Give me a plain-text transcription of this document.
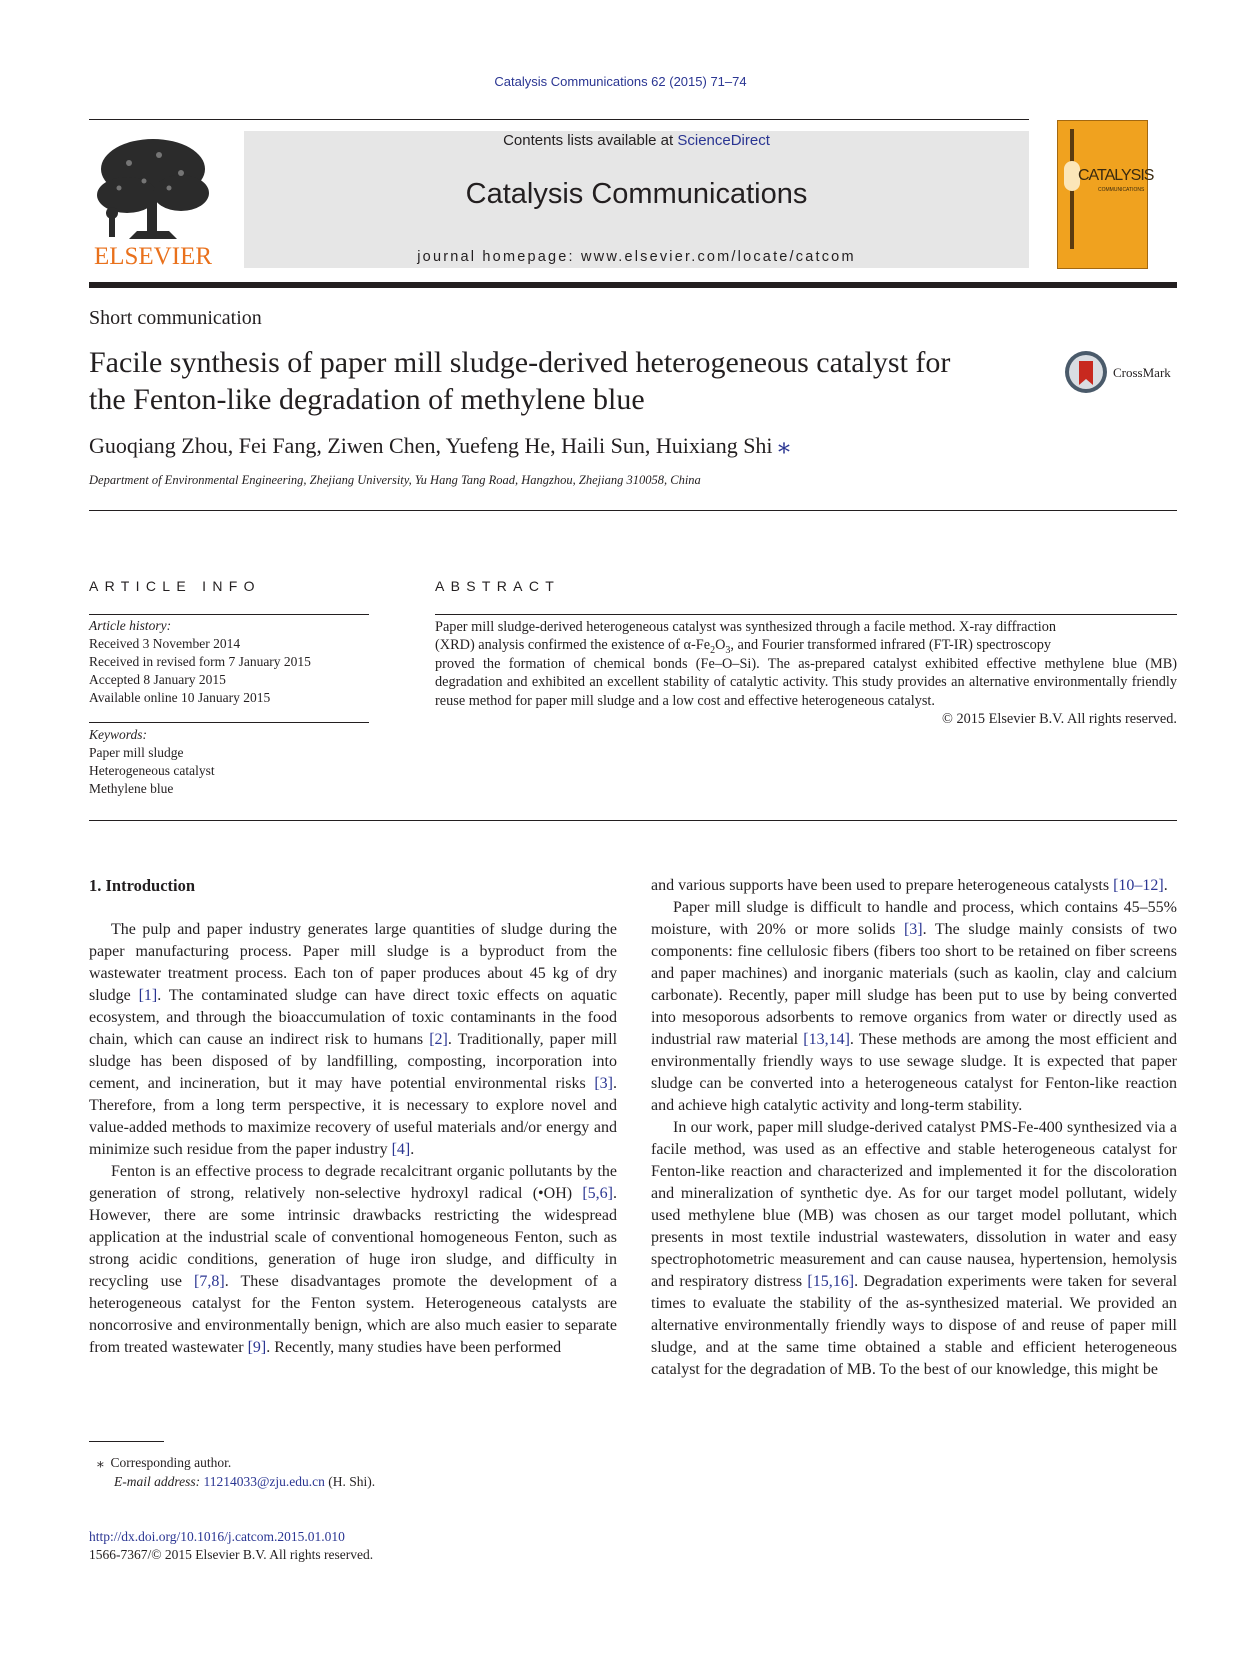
Catalysis Communications 62 (2015) 71–74
ELSEVIER
Contents lists available at ScienceDirect
Catalysis Communications
journal homepage: www.elsevier.com/locate/catcom
CATALYSIS
COMMUNICATIONS
Short communication
Facile synthesis of paper mill sludge-derived heterogeneous catalyst for
the Fenton-like degradation of methylene blue
CrossMark
Guoqiang Zhou, Fei Fang, Ziwen Chen, Yuefeng He, Haili Sun, Huixiang Shi ⁎
Department of Environmental Engineering, Zhejiang University, Yu Hang Tang Road, Hangzhou, Zhejiang 310058, China
ARTICLE INFO
Article history:
Received 3 November 2014
Received in revised form 7 January 2015
Accepted 8 January 2015
Available online 10 January 2015
Keywords:
Paper mill sludge
Heterogeneous catalyst
Methylene blue
ABSTRACT
Paper mill sludge-derived heterogeneous catalyst was synthesized through a facile method. X-ray diffraction
(XRD) analysis confirmed the existence of $\alpha-Fe_2O_3$, and Fourier transformed infrared (FT-IR) spectroscopy
proved the formation of chemical bonds (Fe–O–Si). The as-prepared catalyst exhibited effective methylene blue (MB) degradation and exhibited an excellent stability of catalytic activity. This study provides an alternative environmentally friendly reuse method for paper mill sludge and a low cost and effective heterogeneous catalyst.
© 2015 Elsevier B.V. All rights reserved.
1. Introduction

The pulp and paper industry generates large quantities of sludge during the paper manufacturing process. Paper mill sludge is a byproduct from the wastewater treatment process. Each ton of paper produces about 45 kg of dry sludge [1]. The contaminated sludge can have direct toxic effects on aquatic ecosystem, and through the bioaccumulation of toxic contaminants in the food chain, which can cause an indirect risk to humans [2]. Traditionally, paper mill sludge has been disposed of by landfilling, composting, incorporation into cement, and incineration, but it may have potential environmental risks [3]. Therefore, from a long term perspective, it is necessary to explore novel and value-added methods to maximize recovery of useful materials and/or energy and minimize such residue from the paper industry [4].

Fenton is an effective process to degrade recalcitrant organic pollutants by the generation of strong, relatively non-selective hydroxyl radical (•OH) [5,6]. However, there are some intrinsic drawbacks restricting the widespread application at the industrial scale of conventional homogeneous Fenton, such as strong acidic conditions, generation of huge iron sludge, and difficulty in recycling use [7,8]. These disadvantages promote the development of a heterogeneous catalyst for the Fenton system. Heterogeneous catalysts are noncorrosive and environmentally benign, which are also much easier to separate from treated wastewater [9]. Recently, many studies have been performed

and various supports have been used to prepare heterogeneous catalysts [10–12].

Paper mill sludge is difficult to handle and process, which contains 45–55% moisture, with 20% or more solids [3]. The sludge mainly consists of two components: fine cellulosic fibers (fibers too short to be retained on fiber screens and paper machines) and inorganic materials (such as kaolin, clay and calcium carbonate). Recently, paper mill sludge has been put to use by being converted into mesoporous adsorbents to remove organics from water or directly used as industrial raw material [13,14]. These methods are among the most efficient and environmentally friendly ways to use sewage sludge. It is expected that paper sludge can be converted into a heterogeneous catalyst for Fenton-like reaction and achieve high catalytic activity and long-term stability.

In our work, paper mill sludge-derived catalyst PMS-Fe-400 synthesized via a facile method, was used as an effective and stable heterogeneous catalyst for Fenton-like reaction and characterized and implemented it for the discoloration and mineralization of synthetic dye. As for our target model pollutant, widely used methylene blue (MB) was chosen as our target model pollutant, which presents in most textile industrial wastewaters, dissolution in water and easy spectrophotometric measurement and can cause nausea, hypertension, hemolysis and respiratory distress [15,16]. Degradation experiments were taken for several times to evaluate the stability of the as-synthesized material. We provided an alternative environmentally friendly ways to dispose of and reuse of paper mill sludge, and at the same time obtained a stable and efficient heterogeneous catalyst for the degradation of MB. To the best of our knowledge, this might be

⁎ Corresponding author.
E-mail address: 11214033@zju.edu.cn (H. Shi).
http://dx.doi.org/10.1016/j.catcom.2015.01.010
1566-7367/© 2015 Elsevier B.V. All rights reserved.
